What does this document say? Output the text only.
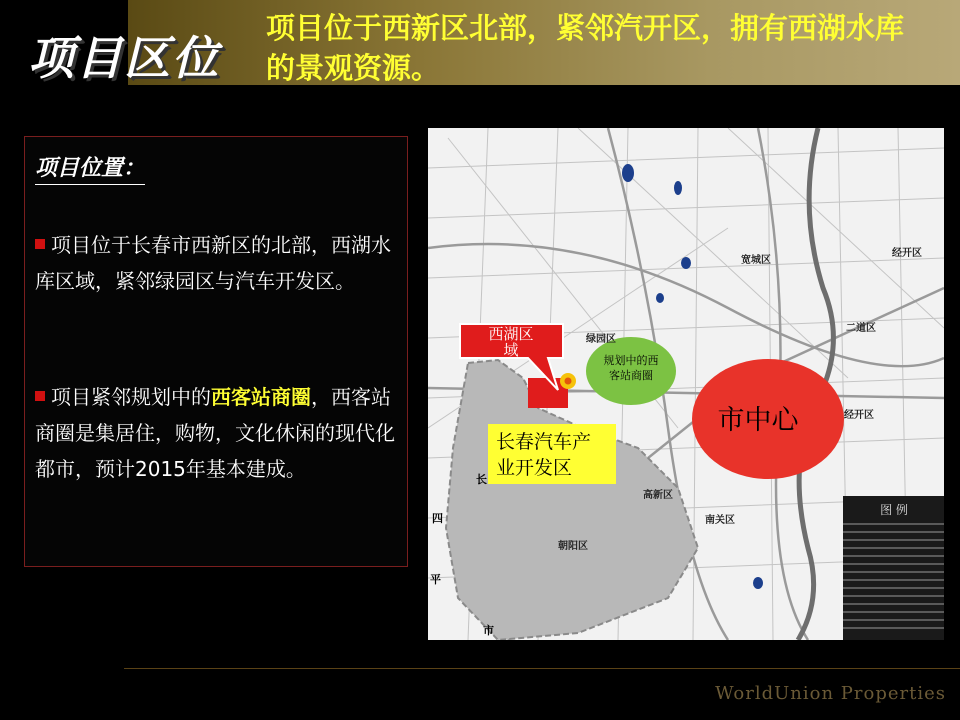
项目区位
项目位于西新区北部，紧邻汽开区，拥有西湖水库的景观资源。
项目位置：
项目位于长春市西新区的北部，西湖水库区域，紧邻绿园区与汽车开发区。
项目紧邻规划中的西客站商圈，西客站商圈是集居住，购物，文化休闲的现代化都市，预计2015年基本建成。
西湖区
域
规划中的西
客站商圈
市中心
长春汽车产
业开发区
宽城区
经开区
二道区
经开区
绿园区
高新区
南关区
朝阳区
四
长
平
市
图 例
WorldUnion Properties
